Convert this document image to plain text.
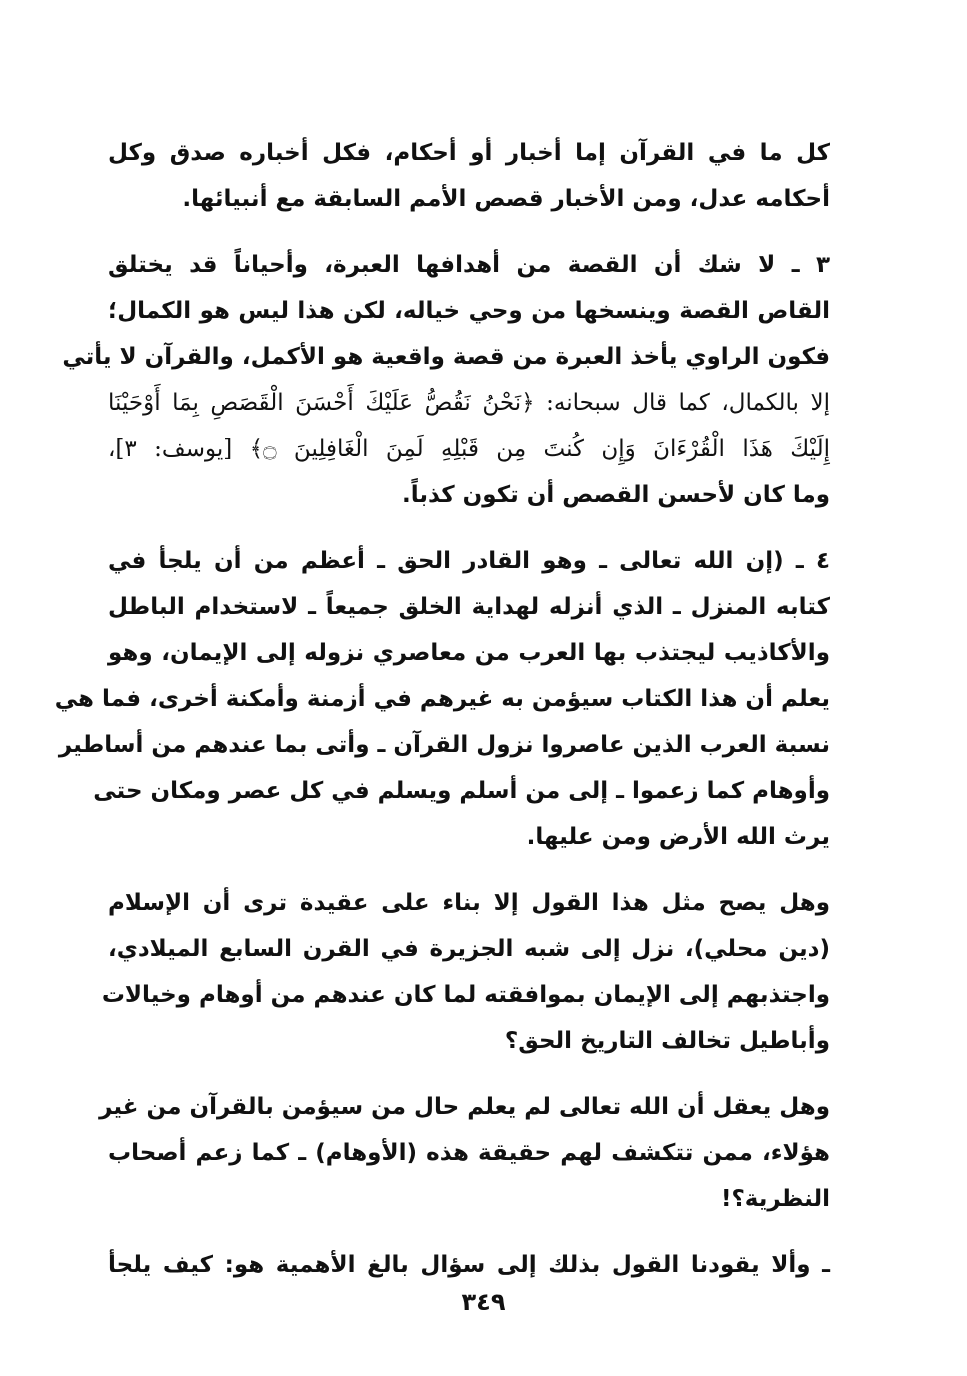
كل ما في القرآن إما أخبار أو أحكام، فكل أخباره صدق وكل
أحكامه عدل، ومن الأخبار قصص الأمم السابقة مع أنبيائها.

٣ ـ لا شك أن القصة من أهدافها العبرة، وأحياناً قد يختلق
القاص القصة وينسخها من وحي خياله، لكن هذا ليس هو الكمال؛
فكون الراوي يأخذ العبرة من قصة واقعية هو الأكمل، والقرآن لا يأتي
إلا بالكمال، كما قال سبحانه: ﴿نَحْنُ نَقُصُّ عَلَيْكَ أَحْسَنَ الْقَصَصِ بِمَا أَوْحَيْنَا
إِلَيْكَ هَذَا الْقُرْءَانَ وَإِن كُنتَ مِن قَبْلِهِ لَمِنَ الْغَافِلِينَ ۝﴾ [يوسف: ٣]،
وما كان لأحسن القصص أن تكون كذباً.

٤ ـ (إن الله تعالى ـ وهو القادر الحق ـ أعظم من أن يلجأ في
كتابه المنزل ـ الذي أنزله لهداية الخلق جميعاً ـ لاستخدام الباطل
والأكاذيب ليجتذب بها العرب من معاصري نزوله إلى الإيمان، وهو
يعلم أن هذا الكتاب سيؤمن به غيرهم في أزمنة وأمكنة أخرى، فما هي
نسبة العرب الذين عاصروا نزول القرآن ـ وأتى بما عندهم من أساطير
وأوهام كما زعموا ـ إلى من أسلم ويسلم في كل عصر ومكان حتى
يرث الله الأرض ومن عليها.

وهل يصح مثل هذا القول إلا بناء على عقيدة ترى أن الإسلام
(دين محلي)، نزل إلى شبه الجزيرة في القرن السابع الميلادي،
واجتذبهم إلى الإيمان بموافقته لما كان عندهم من أوهام وخيالات
وأباطيل تخالف التاريخ الحق؟

وهل يعقل أن الله تعالى لم يعلم حال من سيؤمن بالقرآن من غير
هؤلاء، ممن تتكشف لهم حقيقة هذه (الأوهام) ـ كما زعم أصحاب
النظرية؟!

ـ وألا يقودنا القول بذلك إلى سؤال بالغ الأهمية هو: كيف يلجأ

٣٤٩
